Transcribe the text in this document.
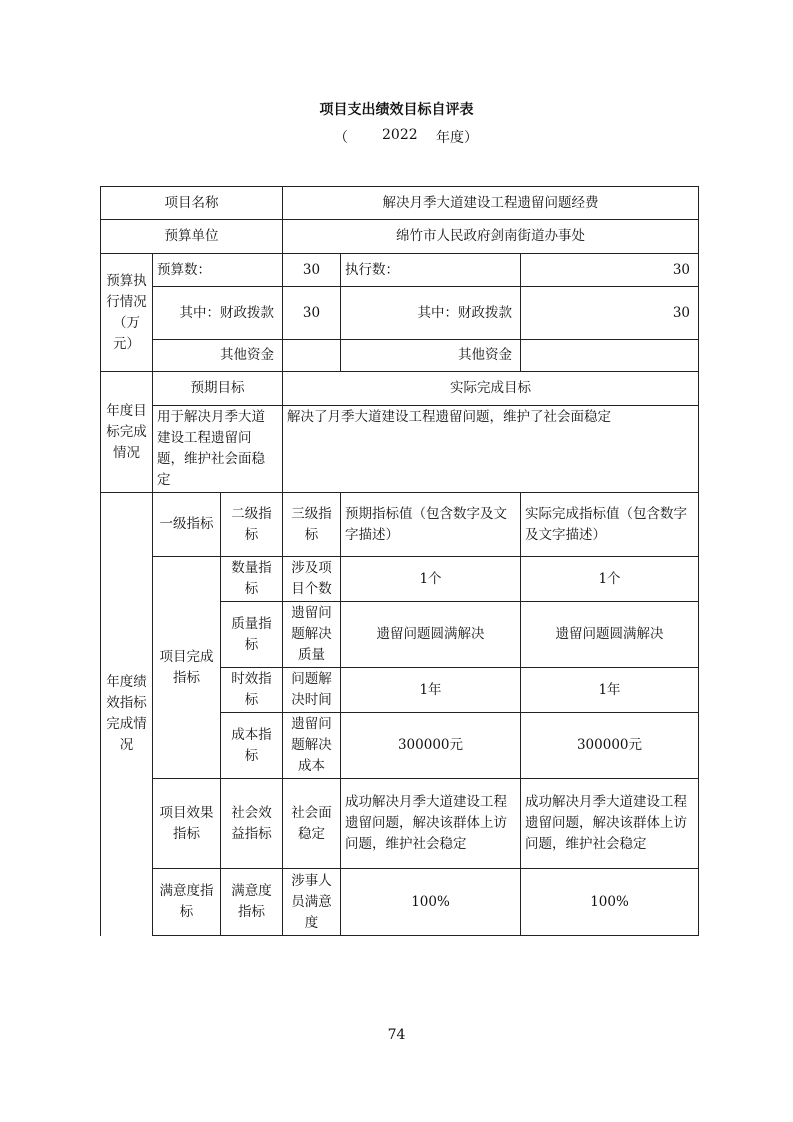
项目支出绩效目标自评表
（ 2022 年度）
项目名称			解决月季大道建设工程遗留问题经费		
预算单位			绵竹市人民政府剑南街道办事处		
预算执行情况（万元）	预算数：		30	执行数：	30
	其中：财政拨款		30	其中：财政拨款	30
	其他资金			其他资金	
年度目标完成情况	预期目标		实际完成目标		
	用于解决月季大道建设工程遗留问题，维护社会面稳定		解决了月季大道建设工程遗留问题，维护了社会面稳定		
年度绩效指标完成情况	一级指标	二级指标	三级指标	预期指标值（包含数字及文字描述）	实际完成指标值（包含数字及文字描述）
	项目完成指标	数量指标	涉及项目个数	1个	1个
		质量指标	遗留问题解决质量	遗留问题圆满解决	遗留问题圆满解决
		时效指标	问题解决时间	1年	1年
		成本指标	遗留问题解决成本	300000元	300000元
	项目效果指标	社会效益指标	社会面稳定	成功解决月季大道建设工程遗留问题，解决该群体上访问题，维护社会稳定	成功解决月季大道建设工程遗留问题，解决该群体上访问题，维护社会稳定
	满意度指标	满意度指标	涉事人员满意度	100%	100%
74
